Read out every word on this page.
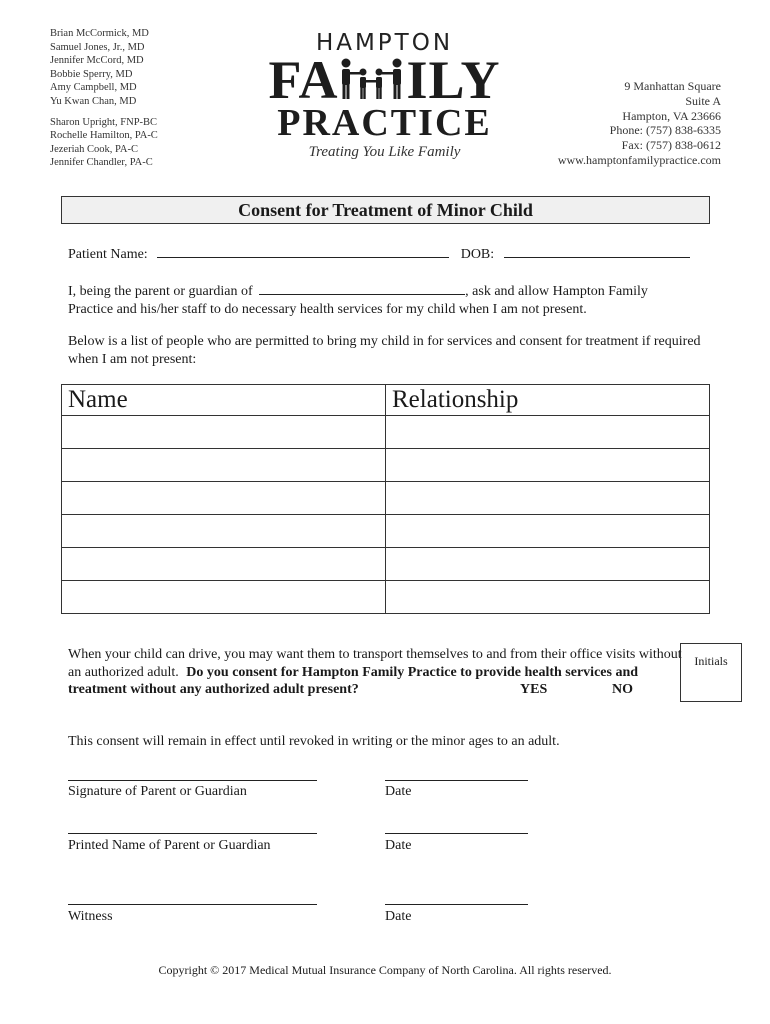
Brian McCormick, MD
Samuel Jones, Jr., MD
Jennifer McCord, MD
Bobbie Sperry, MD
Amy Campbell, MD
Yu Kwan Chan, MD
Sharon Upright, FNP-BC
Rochelle Hamilton, PA-C
Jezeriah Cook, PA-C
Jennifer Chandler, PA-C
HAMPTON
FA ILY
PRACTICE
Treating You Like Family
9 Manhattan Square
Suite A
Hampton, VA 23666
Phone: (757) 838-6335
Fax: (757) 838-0612
www.hamptonfamilypractice.com
Consent for Treatment of Minor Child
Patient Name:	DOB:
I, being the parent or guardian of	, ask and allow Hampton Family
Practice and his/her staff to do necessary health services for my child when I am not present.
Below is a list of people who are permitted to bring my child in for services and consent for treatment if required when I am not present:
Name	Relationship

When your child can drive, you may want them to transport themselves to and from their office visits without an authorized adult. Do you consent for Hampton Family Practice to provide health services and treatment without any authorized adult present?	YES	NO
Initials
This consent will remain in effect until revoked in writing or the minor ages to an adult.
Signature of Parent or Guardian	Date
Printed Name of Parent or Guardian	Date
Witness	Date
Copyright © 2017 Medical Mutual Insurance Company of North Carolina. All rights reserved.
